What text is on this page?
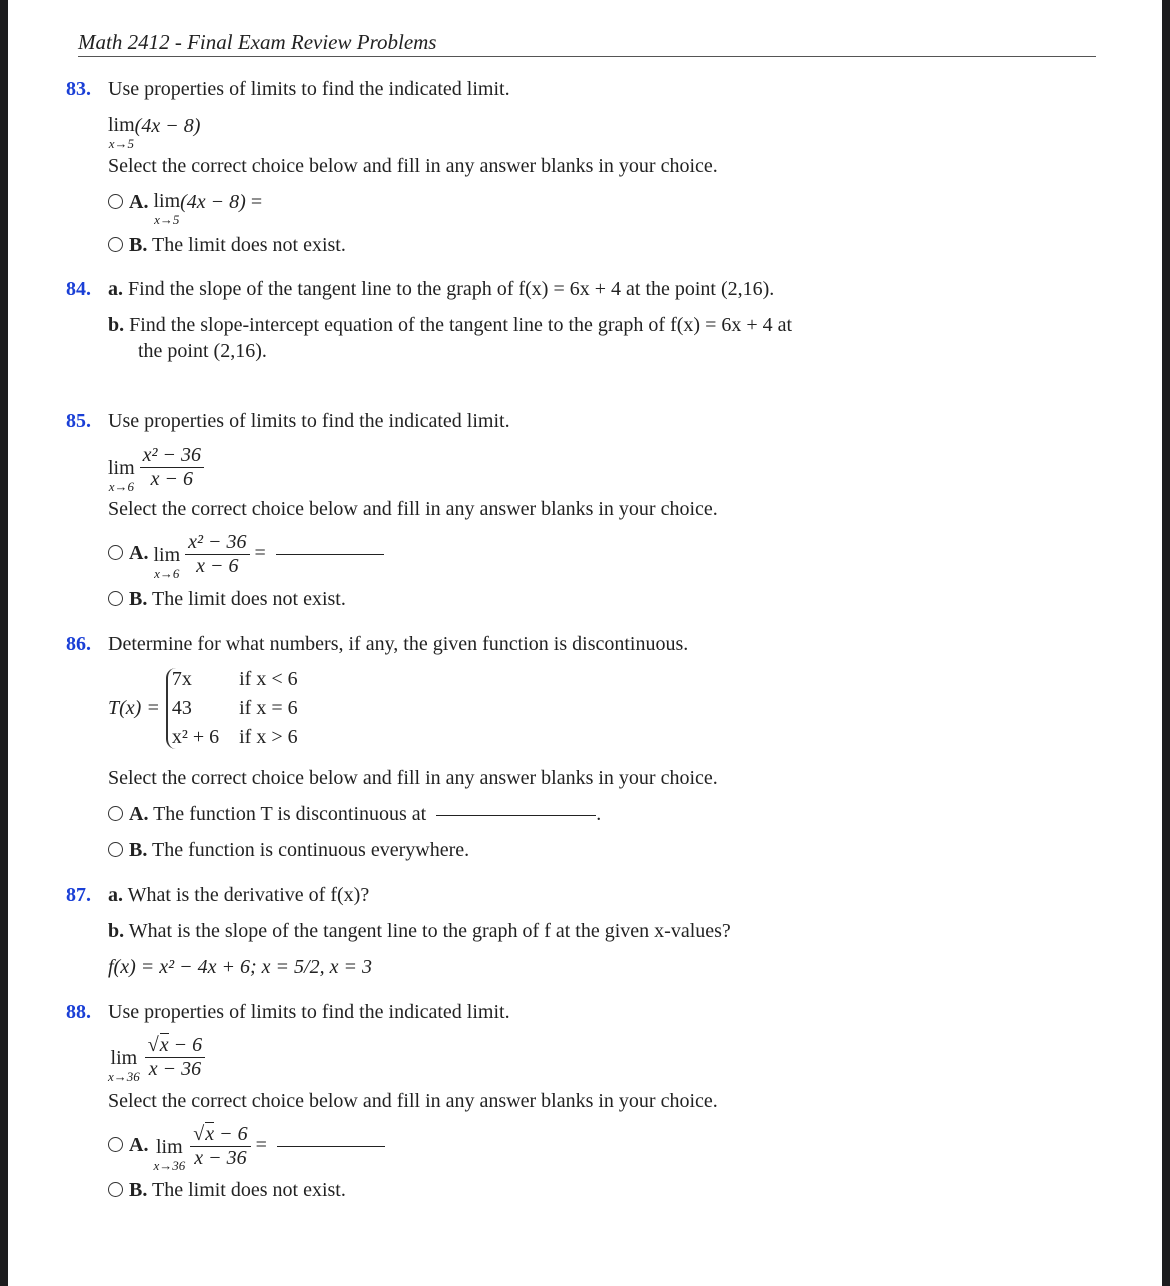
Math 2412 - Final Exam Review Problems
83. Use properties of limits to find the indicated limit.
lim
x→5
(4x − 8)
Select the correct choice below and fill in any answer blanks in your choice.
A. lim
x→5
(4x − 8) =
B. The limit does not exist.
84. a. Find the slope of the tangent line to the graph of f(x) = 6x + 4 at the point (2,16).
b. Find the slope-intercept equation of the tangent line to the graph of f(x) = 6x + 4 at
the point (2,16).
85. Use properties of limits to find the indicated limit.
lim
x→6
$\frac{\text{x² − 36}}{x - 6}$
Select the correct choice below and fill in any answer blanks in your choice.
A. lim
x→6
$\frac{\text{x² − 36}}{x - 6}$ =
B. The limit does not exist.
86. Determine for what numbers, if any, the given function is discontinuous.
T(x) =
7x	if x < 6
43	if x = 6
x² + 6 if x > 6
Select the correct choice below and fill in any answer blanks in your choice.
A. The function T is discontinuous at	.
B. The function is continuous everywhere.
87. a. What is the derivative of f(x)?
b. What is the slope of the tangent line to the graph of f at the given x-values?
f(x) = x² − 4x + 6; x = 5/2, x = 3
88. Use properties of limits to find the indicated limit.
lim
x→36
$\frac{√x - 6}{x - 36}$
Select the correct choice below and fill in any answer blanks in your choice.
A. lim
x→36
$\frac{√x - 6}{x - 36}$ =
B. The limit does not exist.
